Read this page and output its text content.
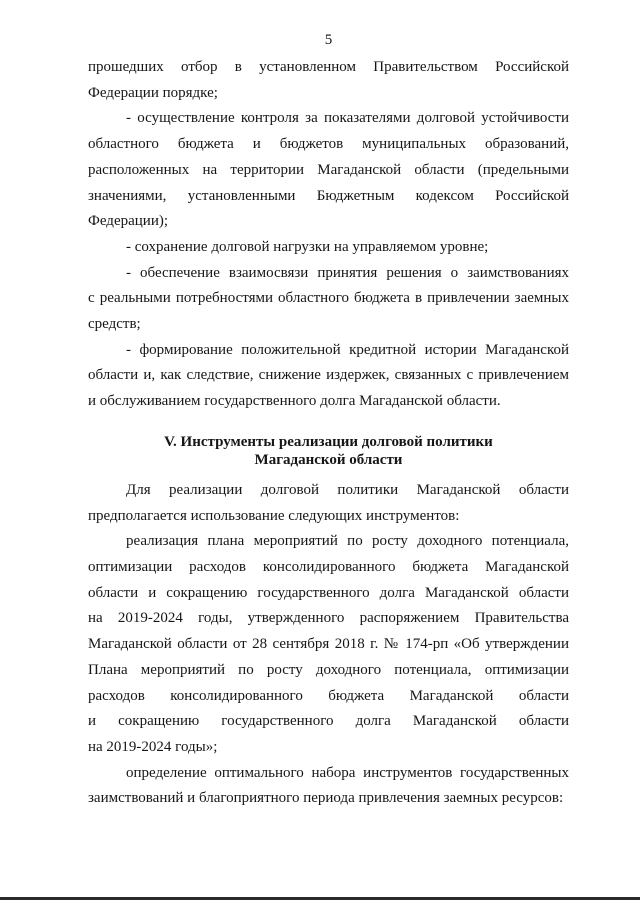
5
прошедших отбор в установленном Правительством Российской
Федерации порядке;
- осуществление контроля за показателями долговой устойчивости
областного бюджета и бюджетов муниципальных образований,
расположенных на территории Магаданской области (предельными
значениями, установленными Бюджетным кодексом Российской
Федерации);
- сохранение долговой нагрузки на управляемом уровне;
- обеспечение взаимосвязи принятия решения о заимствованиях
с реальными потребностями областного бюджета в привлечении заемных
средств;
- формирование положительной кредитной истории Магаданской
области и, как следствие, снижение издержек, связанных с привлечением
и обслуживанием государственного долга Магаданской области.
V. Инструменты реализации долговой политики
Магаданской области
Для реализации долговой политики Магаданской области
предполагается использование следующих инструментов:
реализация плана мероприятий по росту доходного потенциала,
оптимизации расходов консолидированного бюджета Магаданской
области и сокращению государственного долга Магаданской области
на 2019-2024 годы, утвержденного распоряжением Правительства
Магаданской области от 28 сентября 2018 г. № 174-рп «Об утверждении
Плана мероприятий по росту доходного потенциала, оптимизации
расходов консолидированного бюджета Магаданской области
и сокращению государственного долга Магаданской области
на 2019-2024 годы»;
определение оптимального набора инструментов государственных
заимствований и благоприятного периода привлечения заемных ресурсов:
